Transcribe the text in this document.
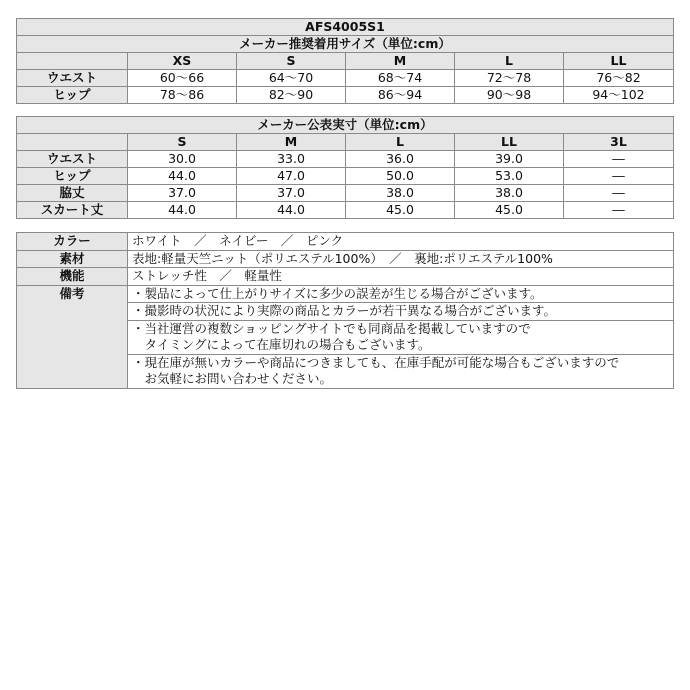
AFS4005S1					
メーカー推奨着用サイズ（単位:cm）					
	XS	S	M	L	LL
ウエスト	60〜66	64〜70	68〜74	72〜78	76〜82
ヒップ	78〜86	82〜90	86〜94	90〜98	94〜102
メーカー公表実寸（単位:cm）					
	S	M	L	LL	3L
ウエスト	30.0	33.0	36.0	39.0	―
ヒップ	44.0	47.0	50.0	53.0	―
脇丈	37.0	37.0	38.0	38.0	―
スカート丈	44.0	44.0	45.0	45.0	―
カラー	ホワイト　／　ネイビー　／　ピンク
素材	表地:軽量天竺ニット（ポリエステル100%）　／　裏地:ポリエステル100%
機能	ストレッチ性　／　軽量性
備考	・製品によって仕上がりサイズに多少の誤差が生じる場合がございます。

	・撮影時の状況により実際の商品とカラーが若干異なる場合がございます。

	・当社運営の複数ショッピングサイトでも同商品を掲載していますので
　タイミングによって在庫切れの場合もございます。

	・現在庫が無いカラーや商品につきましても、在庫手配が可能な場合もございますので
　お気軽にお問い合わせください。
